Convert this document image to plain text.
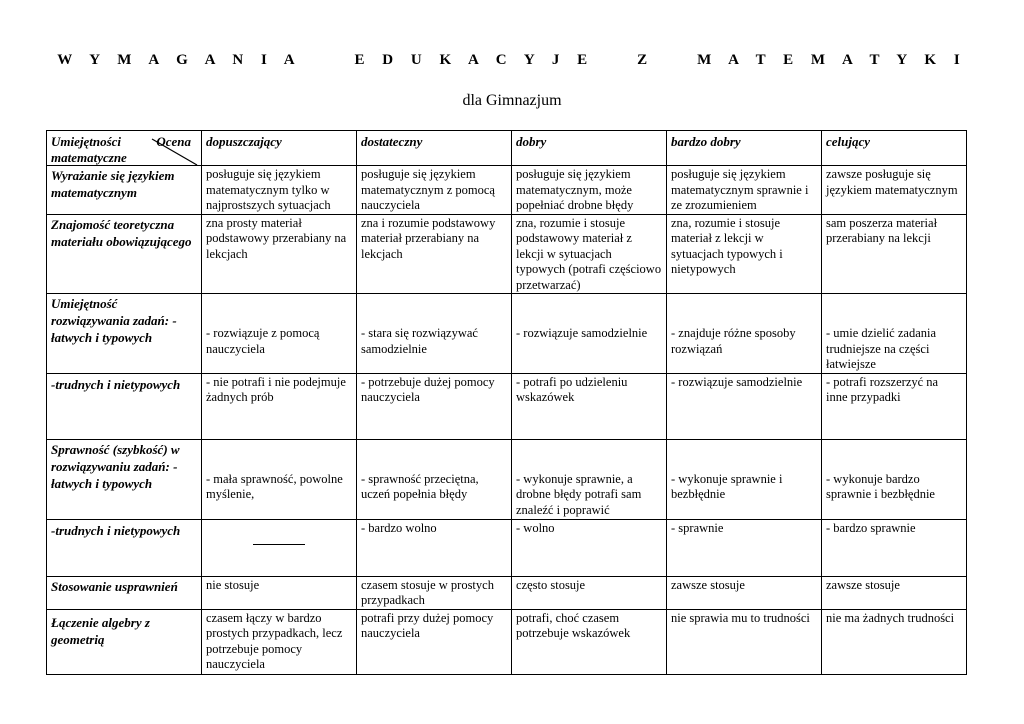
W Y M A G A N I A     E D U K A C Y J E    Z    M A T E M A T Y K I
dla Gimnazjum
Umiejętności Ocena
matematyczne	dopuszczający	dostateczny	dobry	bardzo dobry	celujący
Wyrażanie się językiem matematycznym	posługuje się językiem matematycznym tylko w najprostszych sytuacjach	posługuje się językiem matematycznym z pomocą nauczyciela	posługuje się językiem matematycznym, może popełniać drobne błędy	posługuje się językiem matematycznym sprawnie i ze zrozumieniem	zawsze posługuje się językiem matematycznym
Znajomość teoretyczna materiału obowiązującego	zna prosty materiał podstawowy przerabiany na lekcjach	zna i rozumie podstawowy materiał przerabiany na lekcjach	zna, rozumie i stosuje podstawowy materiał z lekcji w sytuacjach typowych (potrafi częściowo przetwarzać)	zna, rozumie i stosuje materiał z lekcji w sytuacjach typowych i nietypowych	sam poszerza materiał przerabiany na lekcji
Umiejętność rozwiązywania zadań: - łatwych i typowych	- rozwiązuje z pomocą nauczyciela	- stara się rozwiązywać samodzielnie	- rozwiązuje samodzielnie	- znajduje różne sposoby rozwiązań	- umie dzielić zadania trudniejsze na części łatwiejsze
-trudnych i nietypowych	- nie potrafi i nie podejmuje żadnych prób	- potrzebuje dużej pomocy nauczyciela	- potrafi po udzieleniu wskazówek	- rozwiązuje samodzielnie	- potrafi rozszerzyć na inne przypadki
Sprawność (szybkość) w rozwiązywaniu zadań: - łatwych i typowych	- mała sprawność, powolne myślenie,	- sprawność przeciętna, uczeń popełnia błędy	- wykonuje sprawnie, a drobne błędy potrafi sam znaleźć i poprawić	- wykonuje sprawnie i bezbłędnie	- wykonuje bardzo sprawnie i bezbłędnie
-trudnych i nietypowych		- bardzo wolno	- wolno	- sprawnie	- bardzo sprawnie
Stosowanie usprawnień	nie stosuje	czasem stosuje w prostych przypadkach	często stosuje	zawsze stosuje	zawsze stosuje
Łączenie algebry z geometrią	czasem łączy w bardzo prostych przypadkach, lecz potrzebuje pomocy nauczyciela	potrafi przy dużej pomocy nauczyciela	potrafi, choć czasem potrzebuje wskazówek	nie sprawia mu to trudności	nie ma żadnych trudności
